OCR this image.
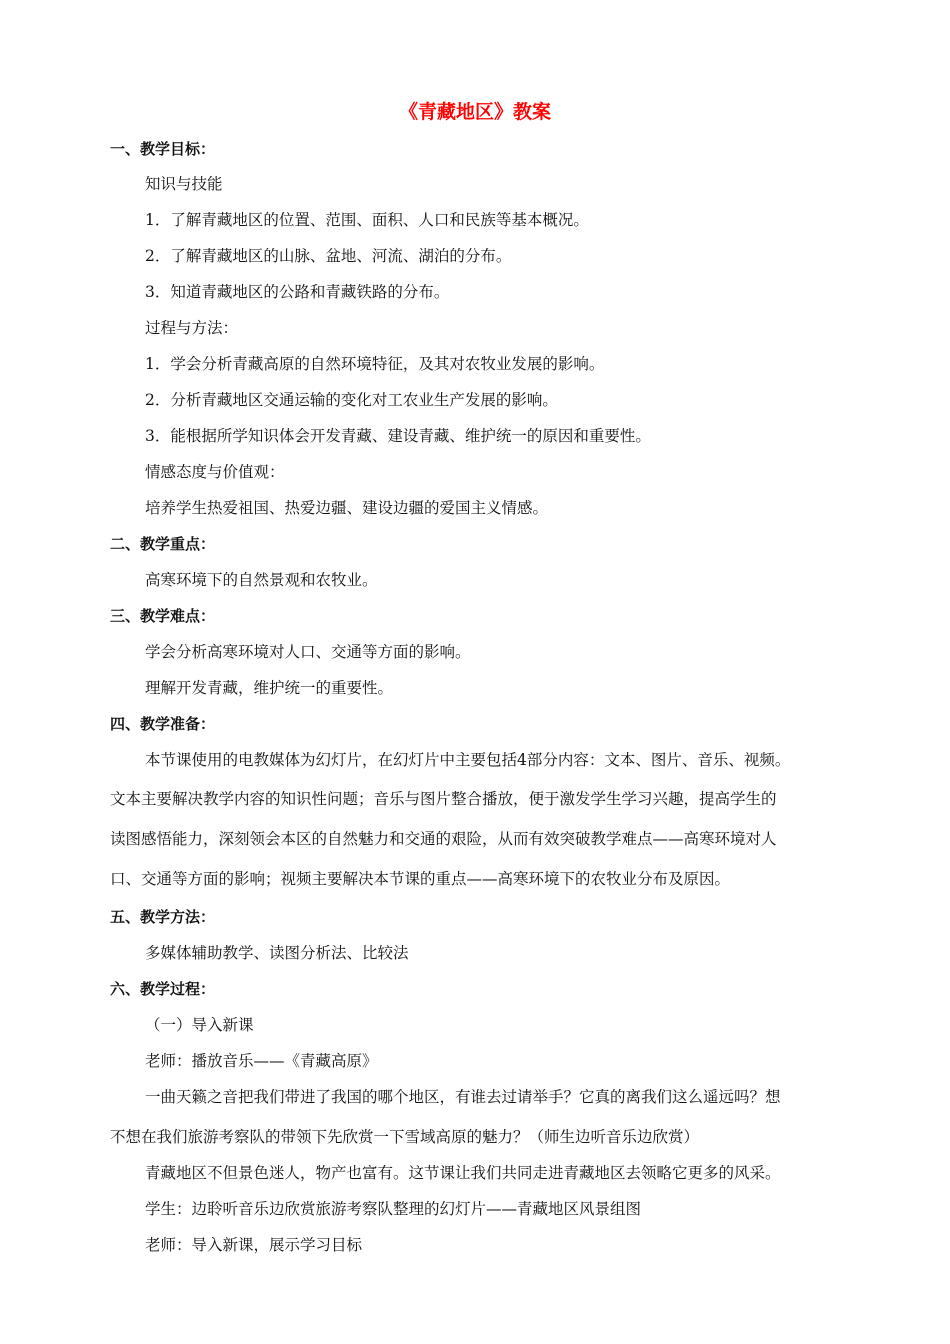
《青藏地区》教案
一、教学目标：
知识与技能
1．了解青藏地区的位置、范围、面积、人口和民族等基本概况。
2．了解青藏地区的山脉、盆地、河流、湖泊的分布。
3．知道青藏地区的公路和青藏铁路的分布。
过程与方法：
1．学会分析青藏高原的自然环境特征，及其对农牧业发展的影响。
2．分析青藏地区交通运输的变化对工农业生产发展的影响。
3．能根据所学知识体会开发青藏、建设青藏、维护统一的原因和重要性。
情感态度与价值观：
培养学生热爱祖国、热爱边疆、建设边疆的爱国主义情感。
二、教学重点：
高寒环境下的自然景观和农牧业。
三、教学难点：
学会分析高寒环境对人口、交通等方面的影响。
理解开发青藏，维护统一的重要性。
四、教学准备：
本节课使用的电教媒体为幻灯片，在幻灯片中主要包括4部分内容：文本、图片、音乐、视频。
文本主要解决教学内容的知识性问题；音乐与图片整合播放，便于激发学生学习兴趣，提高学生的
读图感悟能力，深刻领会本区的自然魅力和交通的艰险，从而有效突破教学难点——高寒环境对人
口、交通等方面的影响；视频主要解决本节课的重点——高寒环境下的农牧业分布及原因。
五、教学方法：
多媒体辅助教学、读图分析法、比较法
六、教学过程：
（一）导入新课
老师：播放音乐——《青藏高原》
一曲天籁之音把我们带进了我国的哪个地区，有谁去过请举手？它真的离我们这么遥远吗？想
不想在我们旅游考察队的带领下先欣赏一下雪域高原的魅力？（师生边听音乐边欣赏）
青藏地区不但景色迷人，物产也富有。这节课让我们共同走进青藏地区去领略它更多的风采。
学生：边聆听音乐边欣赏旅游考察队整理的幻灯片——青藏地区风景组图
老师：导入新课，展示学习目标
